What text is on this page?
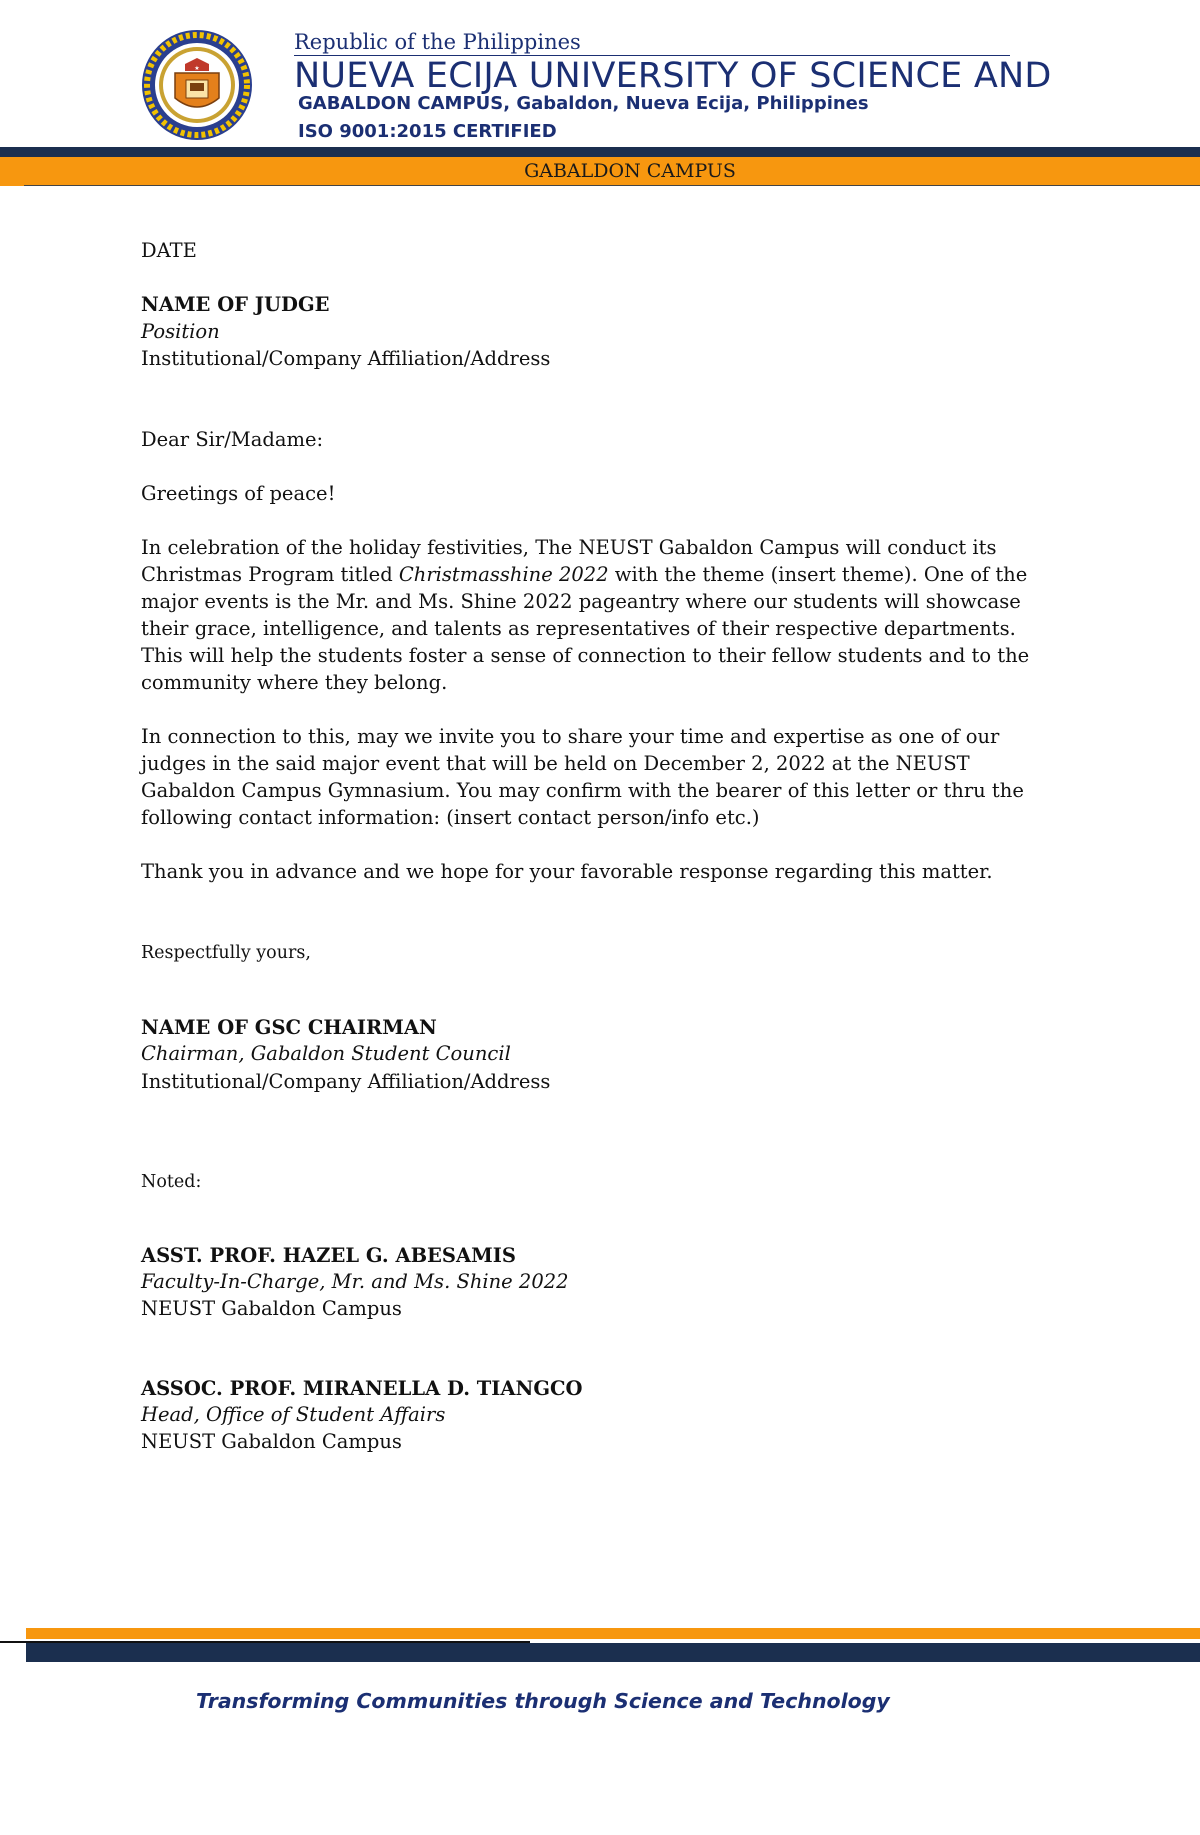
★
Republic of the Philippines
NUEVA ECIJA UNIVERSITY OF SCIENCE AND
GABALDON CAMPUS, Gabaldon, Nueva Ecija, Philippines
ISO 9001:2015 CERTIFIED
GABALDON CAMPUS
DATE
NAME OF JUDGE
Position
Institutional/Company Affiliation/Address
Dear Sir/Madame:
Greetings of peace!
In celebration of the holiday festivities, The NEUST Gabaldon Campus will conduct its Christmas Program titled Christmasshine 2022 with the theme (insert theme). One of the major events is the Mr. and Ms. Shine 2022 pageantry where our students will showcase their grace, intelligence, and talents as representatives of their respective departments. This will help the students foster a sense of connection to their fellow students and to the community where they belong.
In connection to this, may we invite you to share your time and expertise as one of our judges in the said major event that will be held on December 2, 2022 at the NEUST Gabaldon Campus Gymnasium. You may confirm with the bearer of this letter or thru the following contact information: (insert contact person/info etc.)
Thank you in advance and we hope for your favorable response regarding this matter.
Respectfully yours,
NAME OF GSC CHAIRMAN
Chairman, Gabaldon Student Council
Institutional/Company Affiliation/Address
Noted:
ASST. PROF. HAZEL G. ABESAMIS
Faculty-In-Charge, Mr. and Ms. Shine 2022
NEUST Gabaldon Campus
ASSOC. PROF. MIRANELLA D. TIANGCO
Head, Office of Student Affairs
NEUST Gabaldon Campus
Transforming Communities through Science and Technology
